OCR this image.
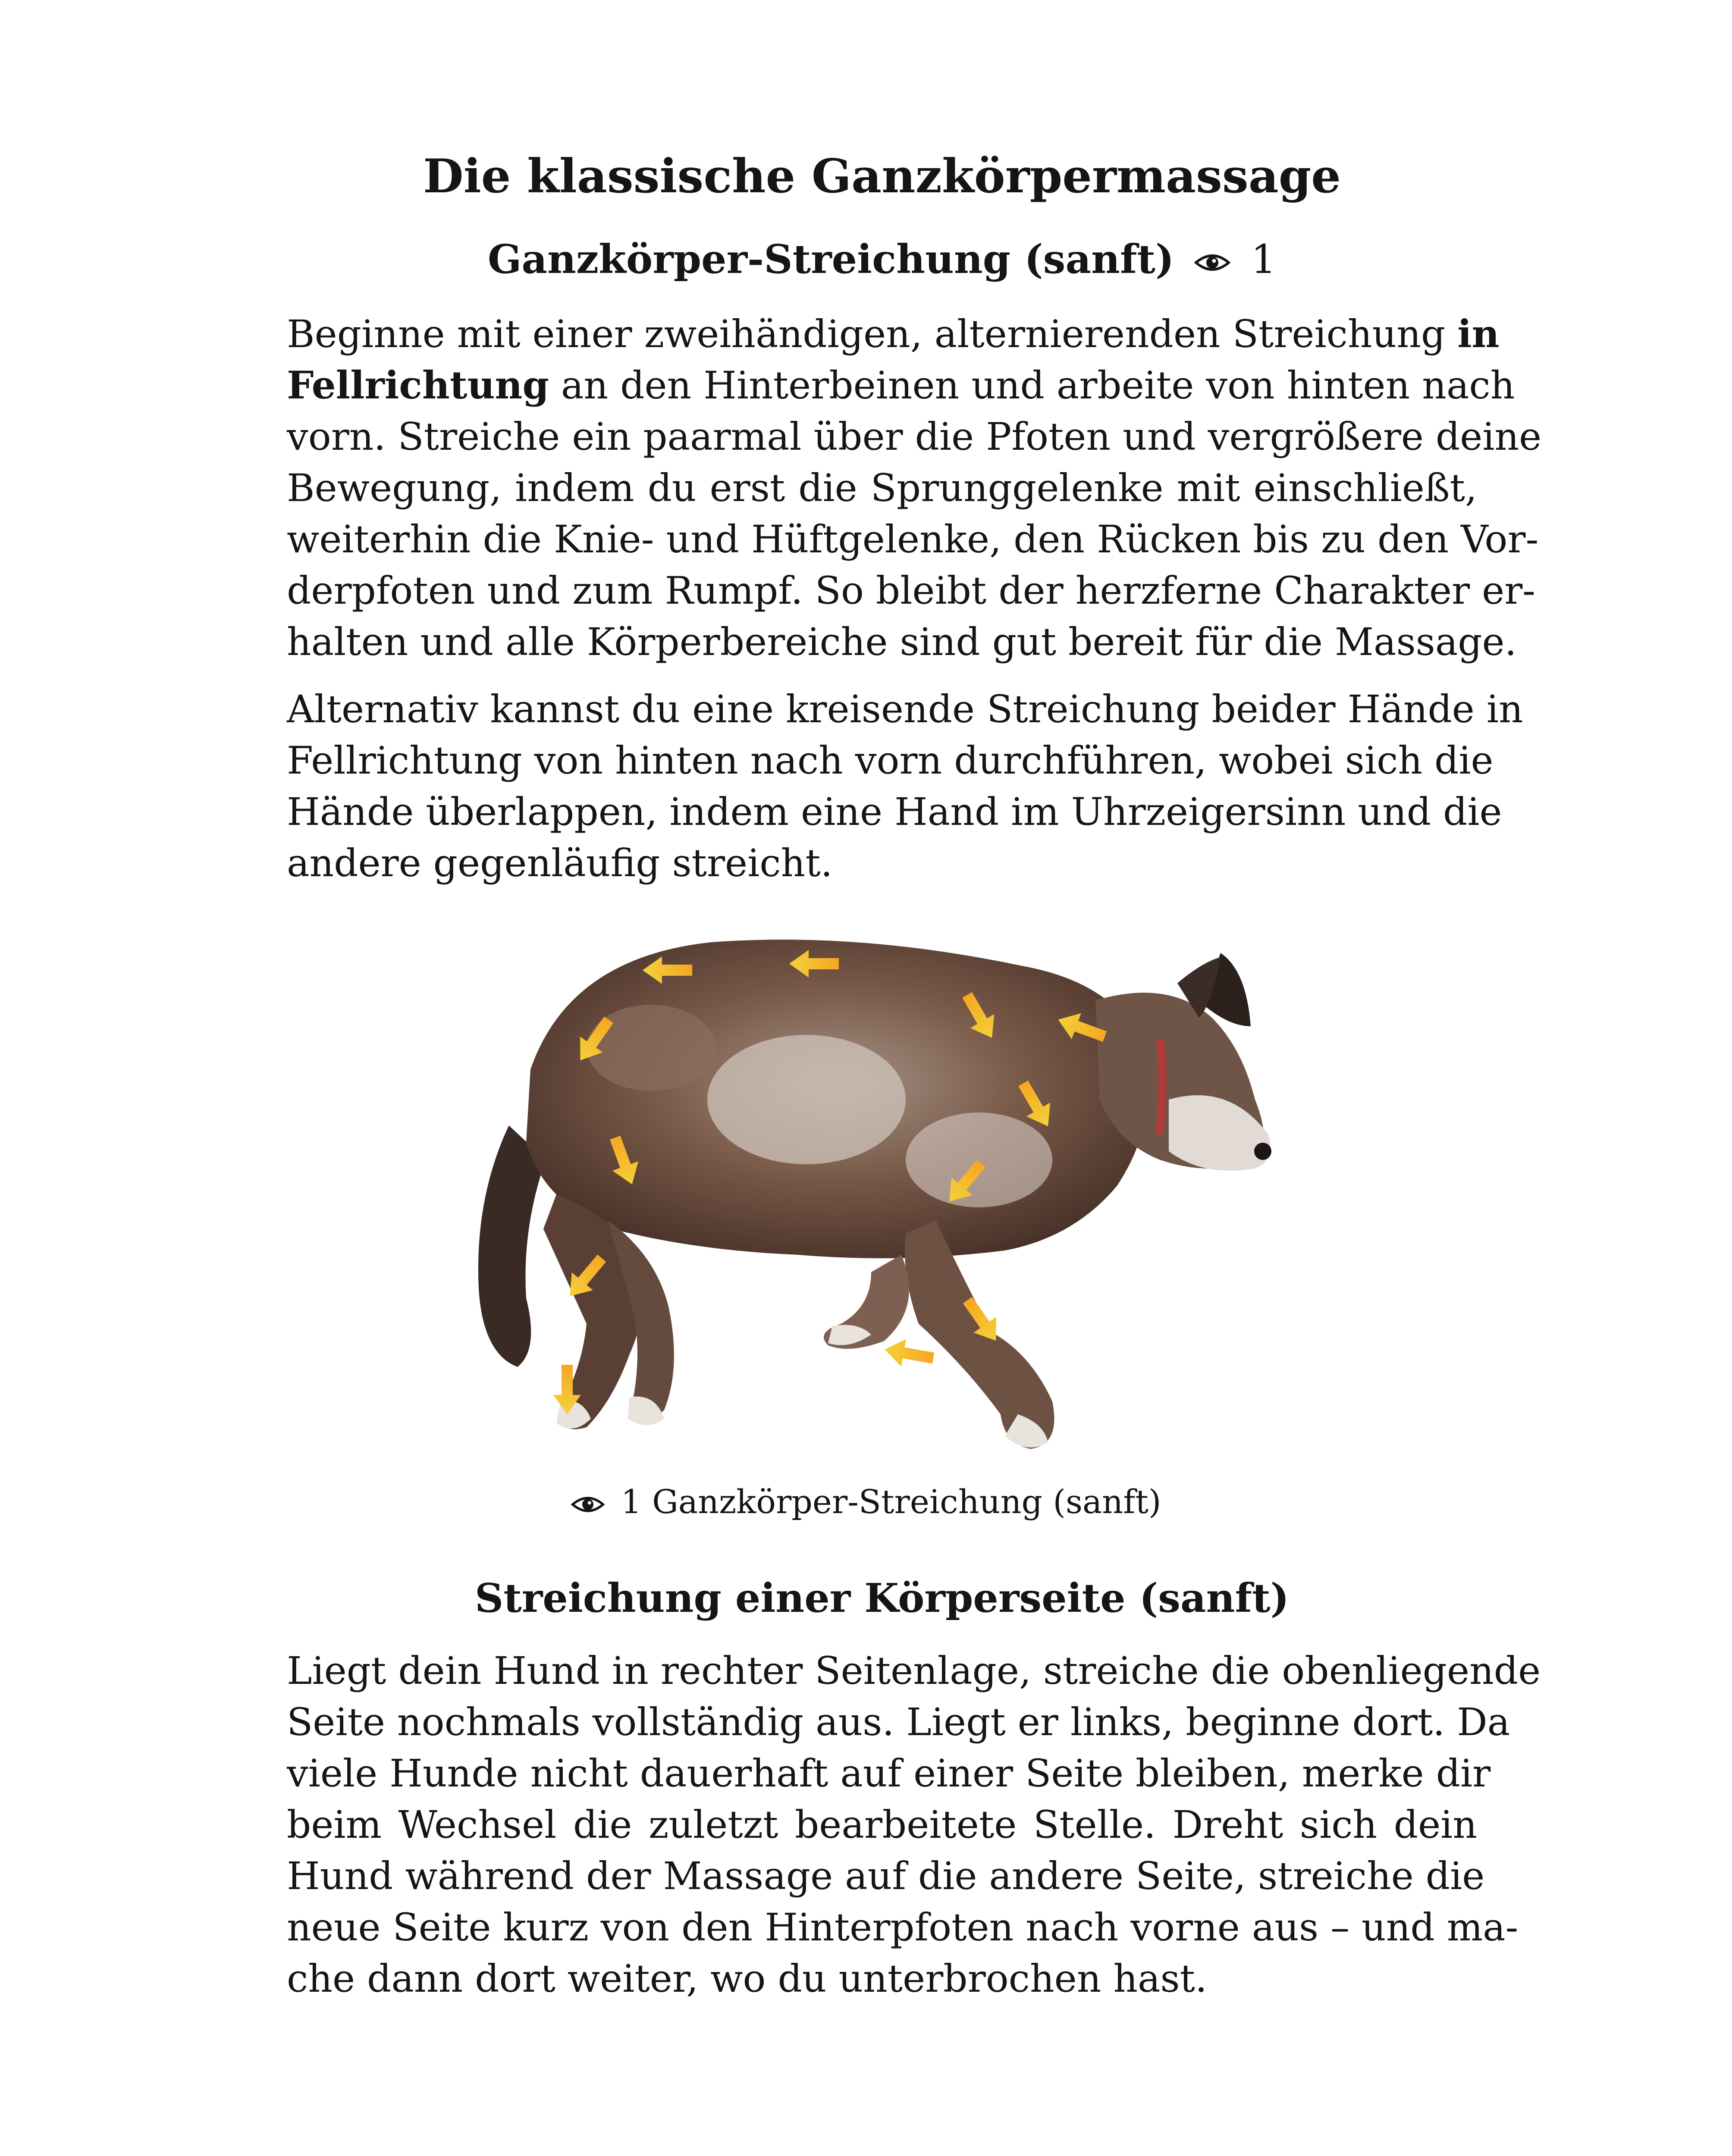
Die klassische Ganzkörpermassage
Ganzkörper-Streichung (sanft) 1
Beginne mit einer zweihändigen, alternierenden Streichung in
Fellrichtung an den Hinterbeinen und arbeite von hinten nach
vorn. Streiche ein paarmal über die Pfoten und vergrößere deine
Bewegung, indem du erst die Sprunggelenke mit einschließt,
weiterhin die Knie- und Hüftgelenke, den Rücken bis zu den Vor-
derpfoten und zum Rumpf. So bleibt der herzferne Charakter er-
halten und alle Körperbereiche sind gut bereit für die Massage.
Alternativ kannst du eine kreisende Streichung beider Hände in
Fellrichtung von hinten nach vorn durchführen, wobei sich die
Hände überlappen, indem eine Hand im Uhrzeigersinn und die
andere gegenläufig streicht.
Streichung einer Körperseite (sanft)
Liegt dein Hund in rechter Seitenlage, streiche die obenliegende
Seite nochmals vollständig aus. Liegt er links, beginne dort. Da
viele Hunde nicht dauerhaft auf einer Seite bleiben, merke dir
beim Wechsel die zuletzt bearbeitete Stelle. Dreht sich dein
Hund während der Massage auf die andere Seite, streiche die
neue Seite kurz von den Hinterpfoten nach vorne aus – und ma-
che dann dort weiter, wo du unterbrochen hast.
1 Ganzkörper-Streichung (sanft)
